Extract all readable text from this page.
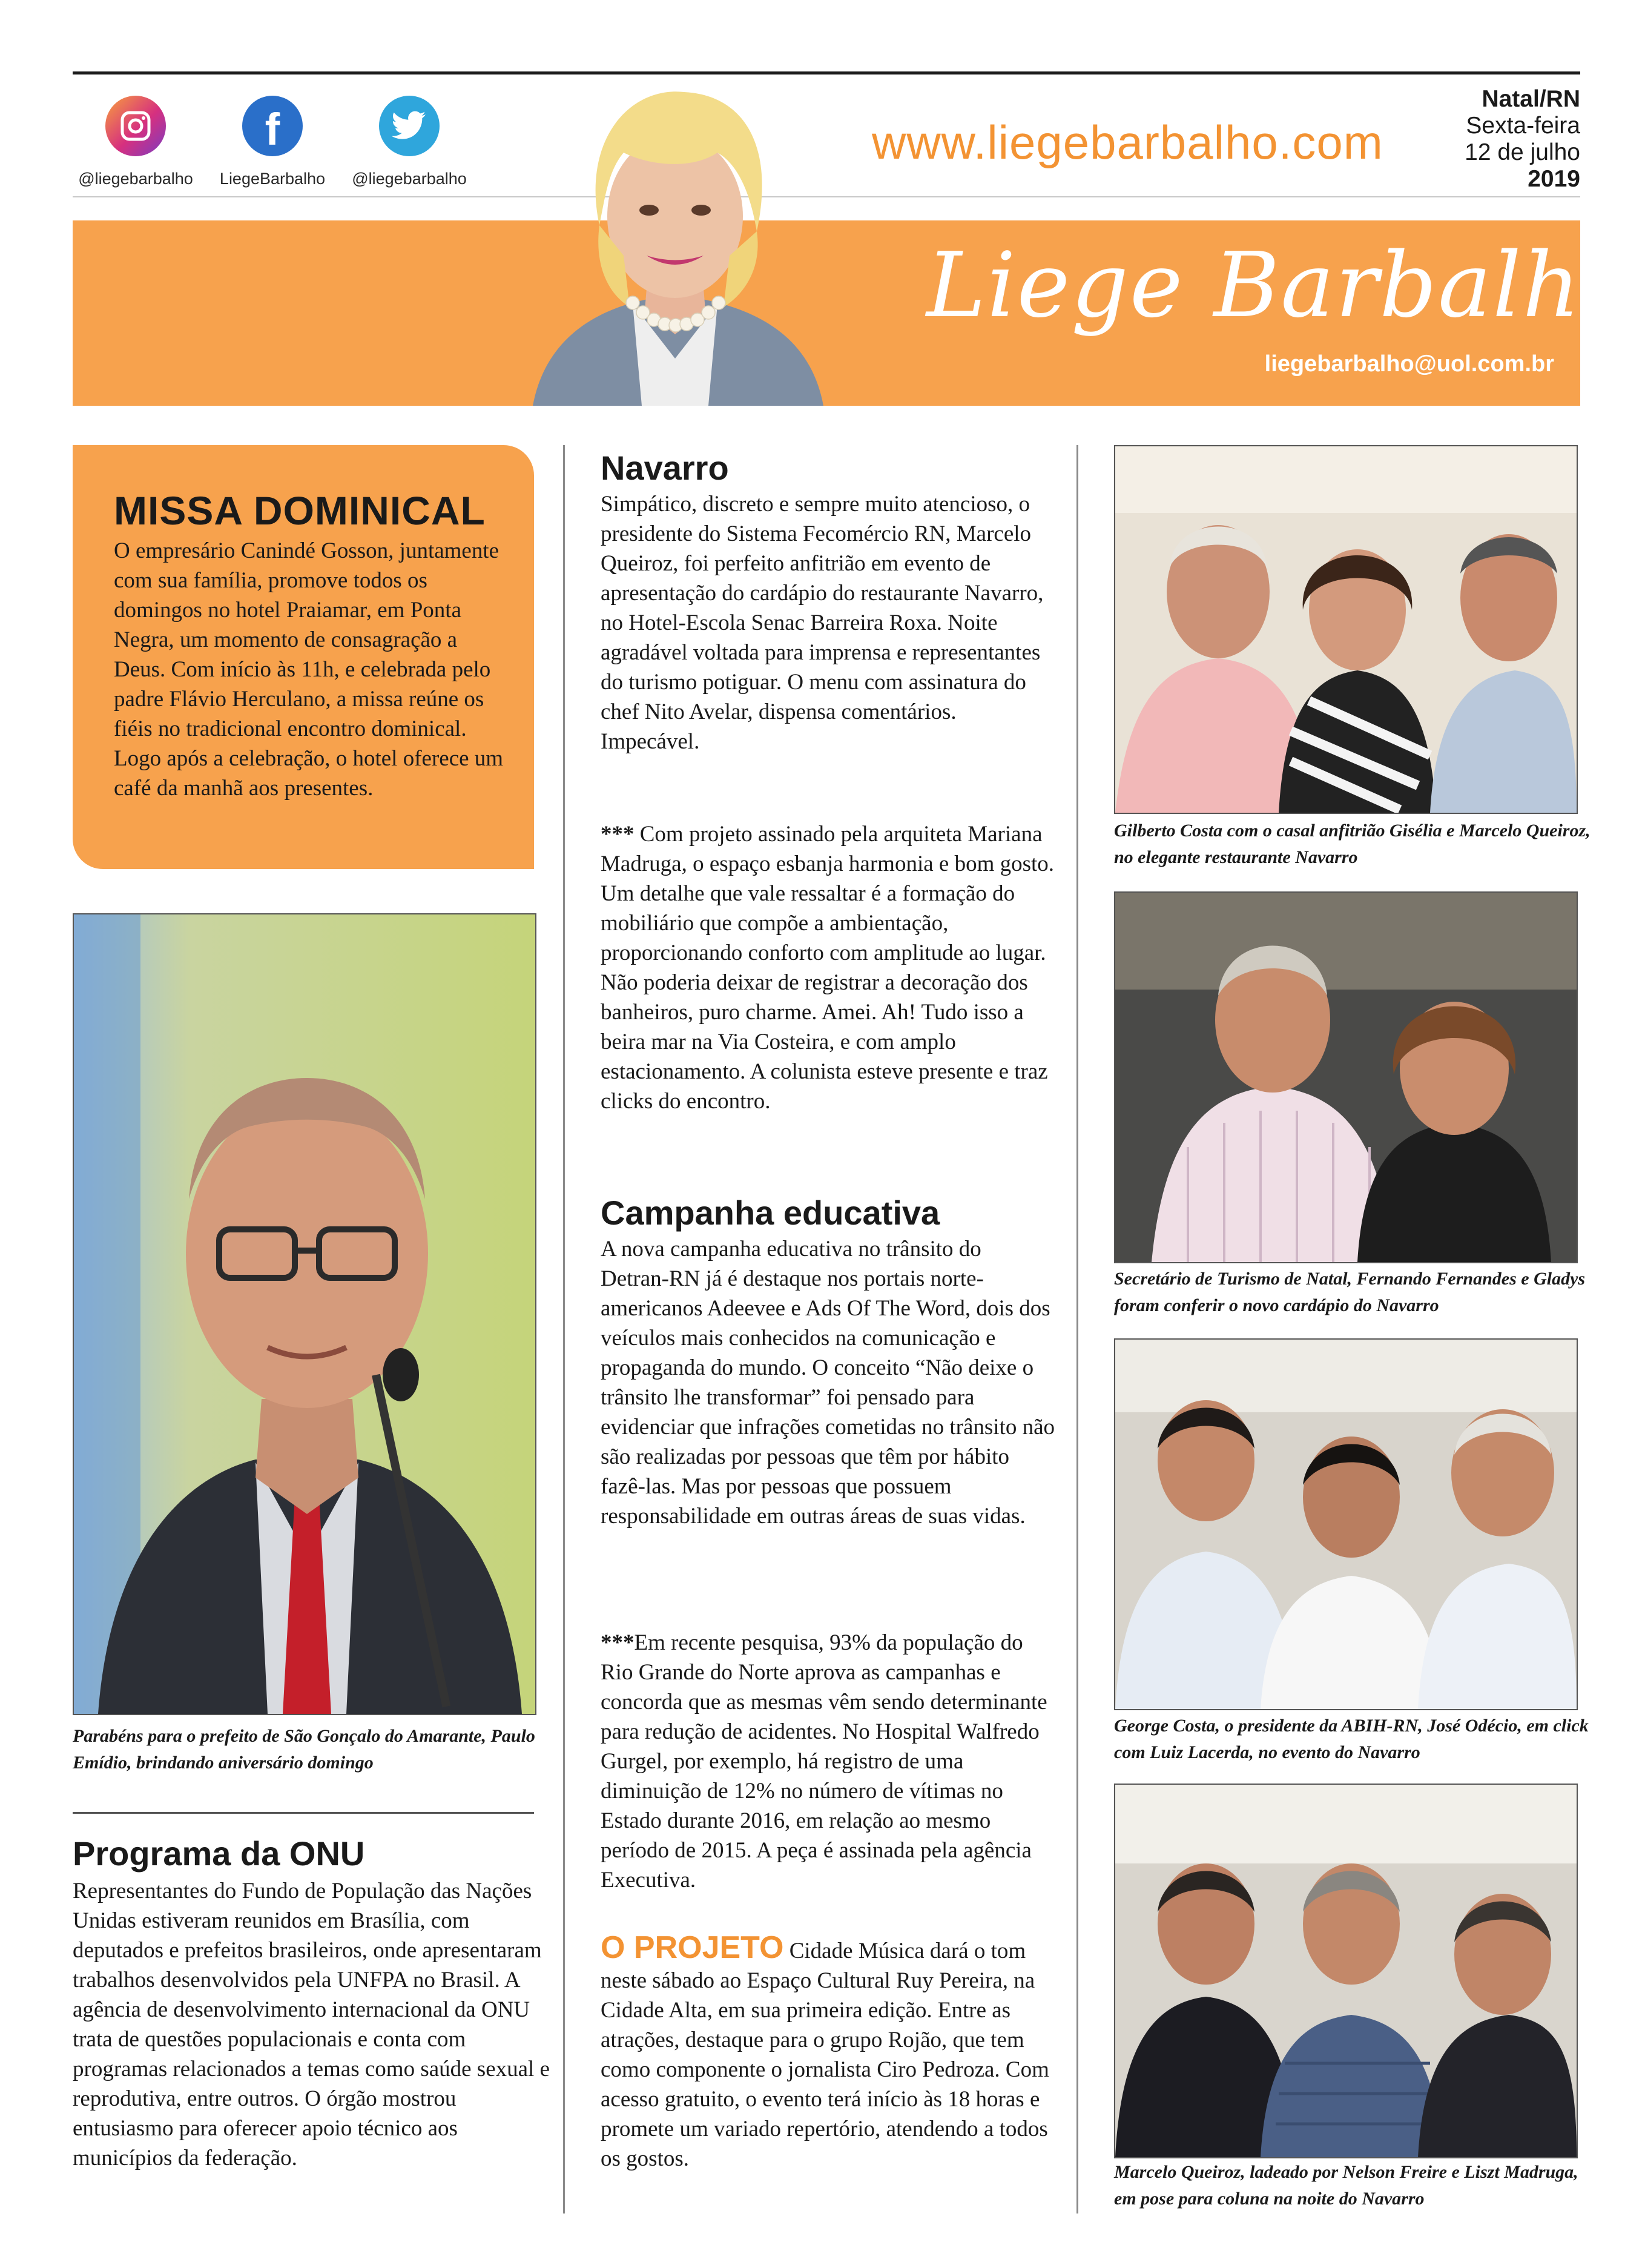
@liegebarbalho
f
LiegeBarbalho	@liegebarbalho
www.liegebarbalho.com
Natal/RN
Sexta-feira
12 de julho
2019
Liege Barbalho
liegebarbalho@uol.com.br
MISSA DOMINICAL
O empresário Canindé Gosson, juntamente com sua família, promove todos os domingos no hotel Praiamar, em Ponta Negra, um momento de consagração a Deus. Com início às 11h, e celebrada pelo padre Flávio Herculano, a missa reúne os fiéis no tradicional encontro dominical. Logo após a celebração, o hotel oferece um café da manhã aos presentes.
Parabéns para o prefeito de São Gonçalo do Amarante, Paulo Emídio, brindando aniversário domingo
Programa da ONU
Representantes do Fundo de População das Nações Unidas estiveram reunidos em Brasília, com deputados e prefeitos brasileiros, onde apresentaram trabalhos desenvolvidos pela UNFPA no Brasil. A agência de desenvolvimento internacional da ONU trata de questões populacionais e conta com programas relacionados a temas como saúde sexual e reprodutiva, entre outros. O órgão mostrou entusiasmo para oferecer apoio técnico aos municípios da federação.
Navarro
Simpático, discreto e sempre muito atencioso, o presidente do Sistema Fecomércio RN, Marcelo Queiroz, foi perfeito anfitrião em evento de apresentação do cardápio do restaurante Navarro, no Hotel-Escola Senac Barreira Roxa. Noite agradável voltada para imprensa e representantes do turismo potiguar. O menu com assinatura do chef Nito Avelar, dispensa comentários. Impecável.
*** Com projeto assinado pela arquiteta Mariana Madruga, o espaço esbanja harmonia e bom gosto. Um detalhe que vale ressaltar é a formação do mobiliário que compõe a ambientação, proporcionando conforto com amplitude ao lugar. Não poderia deixar de registrar a decoração dos banheiros, puro charme. Amei. Ah! Tudo isso a beira mar na Via Costeira, e com amplo estacionamento. A colunista esteve presente e traz clicks do encontro.
Campanha educativa
A nova campanha educativa no trânsito do Detran-RN já é destaque nos portais norte-americanos Adeevee e Ads Of The Word, dois dos veículos mais conhecidos na comunicação e propaganda do mundo. O conceito “Não deixe o trânsito lhe transformar” foi pensado para evidenciar que infrações cometidas no trânsito não são realizadas por pessoas que têm por hábito fazê-las. Mas por pessoas que possuem responsabilidade em outras áreas de suas vidas.
***Em recente pesquisa, 93% da população do Rio Grande do Norte aprova as campanhas e concorda que as mesmas vêm sendo determinante para redução de acidentes. No Hospital Walfredo Gurgel, por exemplo, há registro de uma diminuição de 12% no número de vítimas no Estado durante 2016, em relação ao mesmo período de 2015. A peça é assinada pela agência Executiva.
O PROJETO Cidade Música dará o tom neste sábado ao Espaço Cultural Ruy Pereira, na Cidade Alta, em sua primeira edição. Entre as atrações, destaque para o grupo Rojão, que tem como componente o jornalista Ciro Pedroza. Com acesso gratuito, o evento terá início às 18 horas e promete um variado repertório, atendendo a todos os gostos.
Gilberto Costa com o casal anfitrião Gisélia e Marcelo Queiroz, no elegante restaurante Navarro
Secretário de Turismo de Natal, Fernando Fernandes e Gladys foram conferir o novo cardápio do Navarro
George Costa, o presidente da ABIH-RN, José Odécio, em click com Luiz Lacerda, no evento do Navarro
Marcelo Queiroz, ladeado por Nelson Freire e Liszt Madruga, em pose para coluna na noite do Navarro
